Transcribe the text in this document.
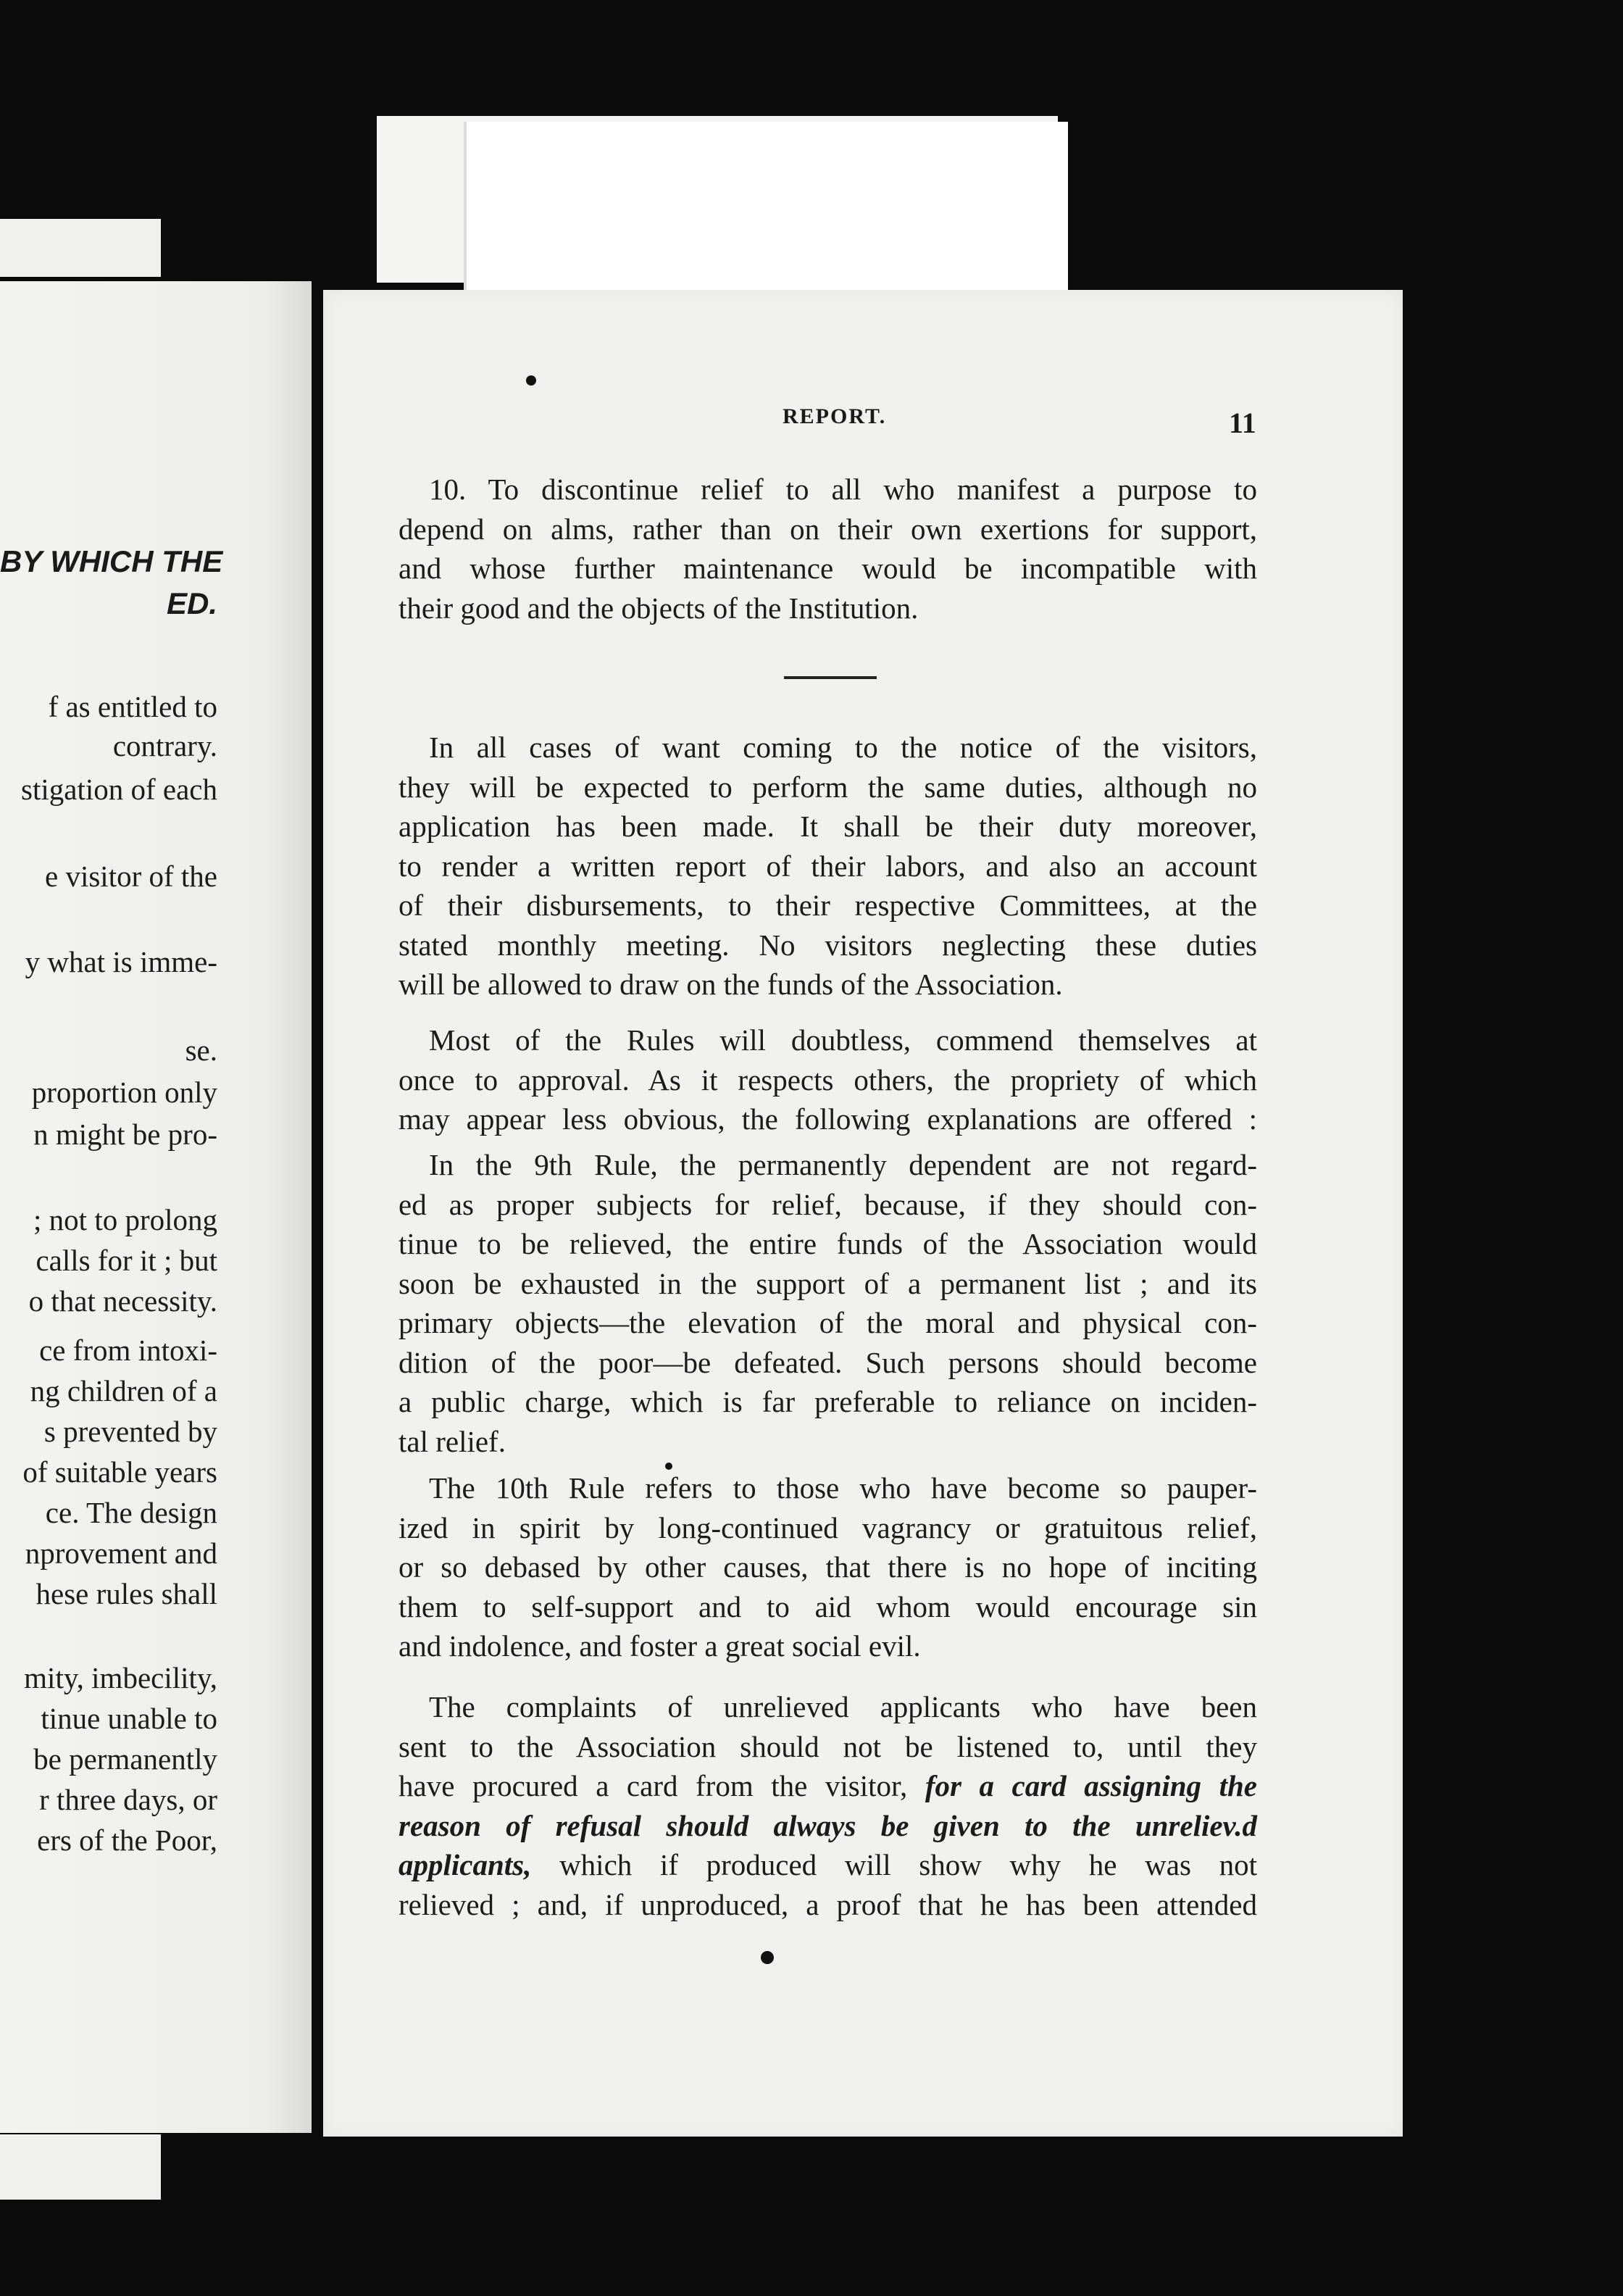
BY WHICH THE
ED.
f as entitled to
contrary.
stigation of each
e visitor of the
y what is imme-
se.
proportion only
n might be pro-
; not to prolong
calls for it ; but
o that necessity.
ce from intoxi-
ng children of a
s prevented by
of suitable years
ce. The design
nprovement and
hese rules shall
mity, imbecility,
tinue unable to
be permanently
r three days, or
ers of the Poor,
REPORT.	11
10. To discontinue relief to all who manifest a purpose to
depend on alms, rather than on their own exertions for support,
and whose further maintenance would be incompatible with
their good and the objects of the Institution.
In all cases of want coming to the notice of the visitors,
they will be expected to perform the same duties, although no
application has been made. It shall be their duty moreover,
to render a written report of their labors, and also an account
of their disbursements, to their respective Committees, at the
stated monthly meeting. No visitors neglecting these duties
will be allowed to draw on the funds of the Association.
Most of the Rules will doubtless, commend themselves at
once to approval. As it respects others, the propriety of which
may appear less obvious, the following explanations are offered :
In the 9th Rule, the permanently dependent are not regard-
ed as proper subjects for relief, because, if they should con-
tinue to be relieved, the entire funds of the Association would
soon be exhausted in the support of a permanent list ; and its
primary objects—the elevation of the moral and physical con-
dition of the poor—be defeated. Such persons should become
a public charge, which is far preferable to reliance on inciden-
tal relief.
The 10th Rule refers to those who have become so pauper-
ized in spirit by long-continued vagrancy or gratuitous relief,
or so debased by other causes, that there is no hope of inciting
them to self-support and to aid whom would encourage sin
and indolence, and foster a great social evil.
The complaints of unrelieved applicants who have been
sent to the Association should not be listened to, until they
have procured a card from the visitor, for a card assigning the
reason of refusal should always be given to the unreliev.d
applicants, which if produced will show why he was not
relieved ; and, if unproduced, a proof that he has been attended
